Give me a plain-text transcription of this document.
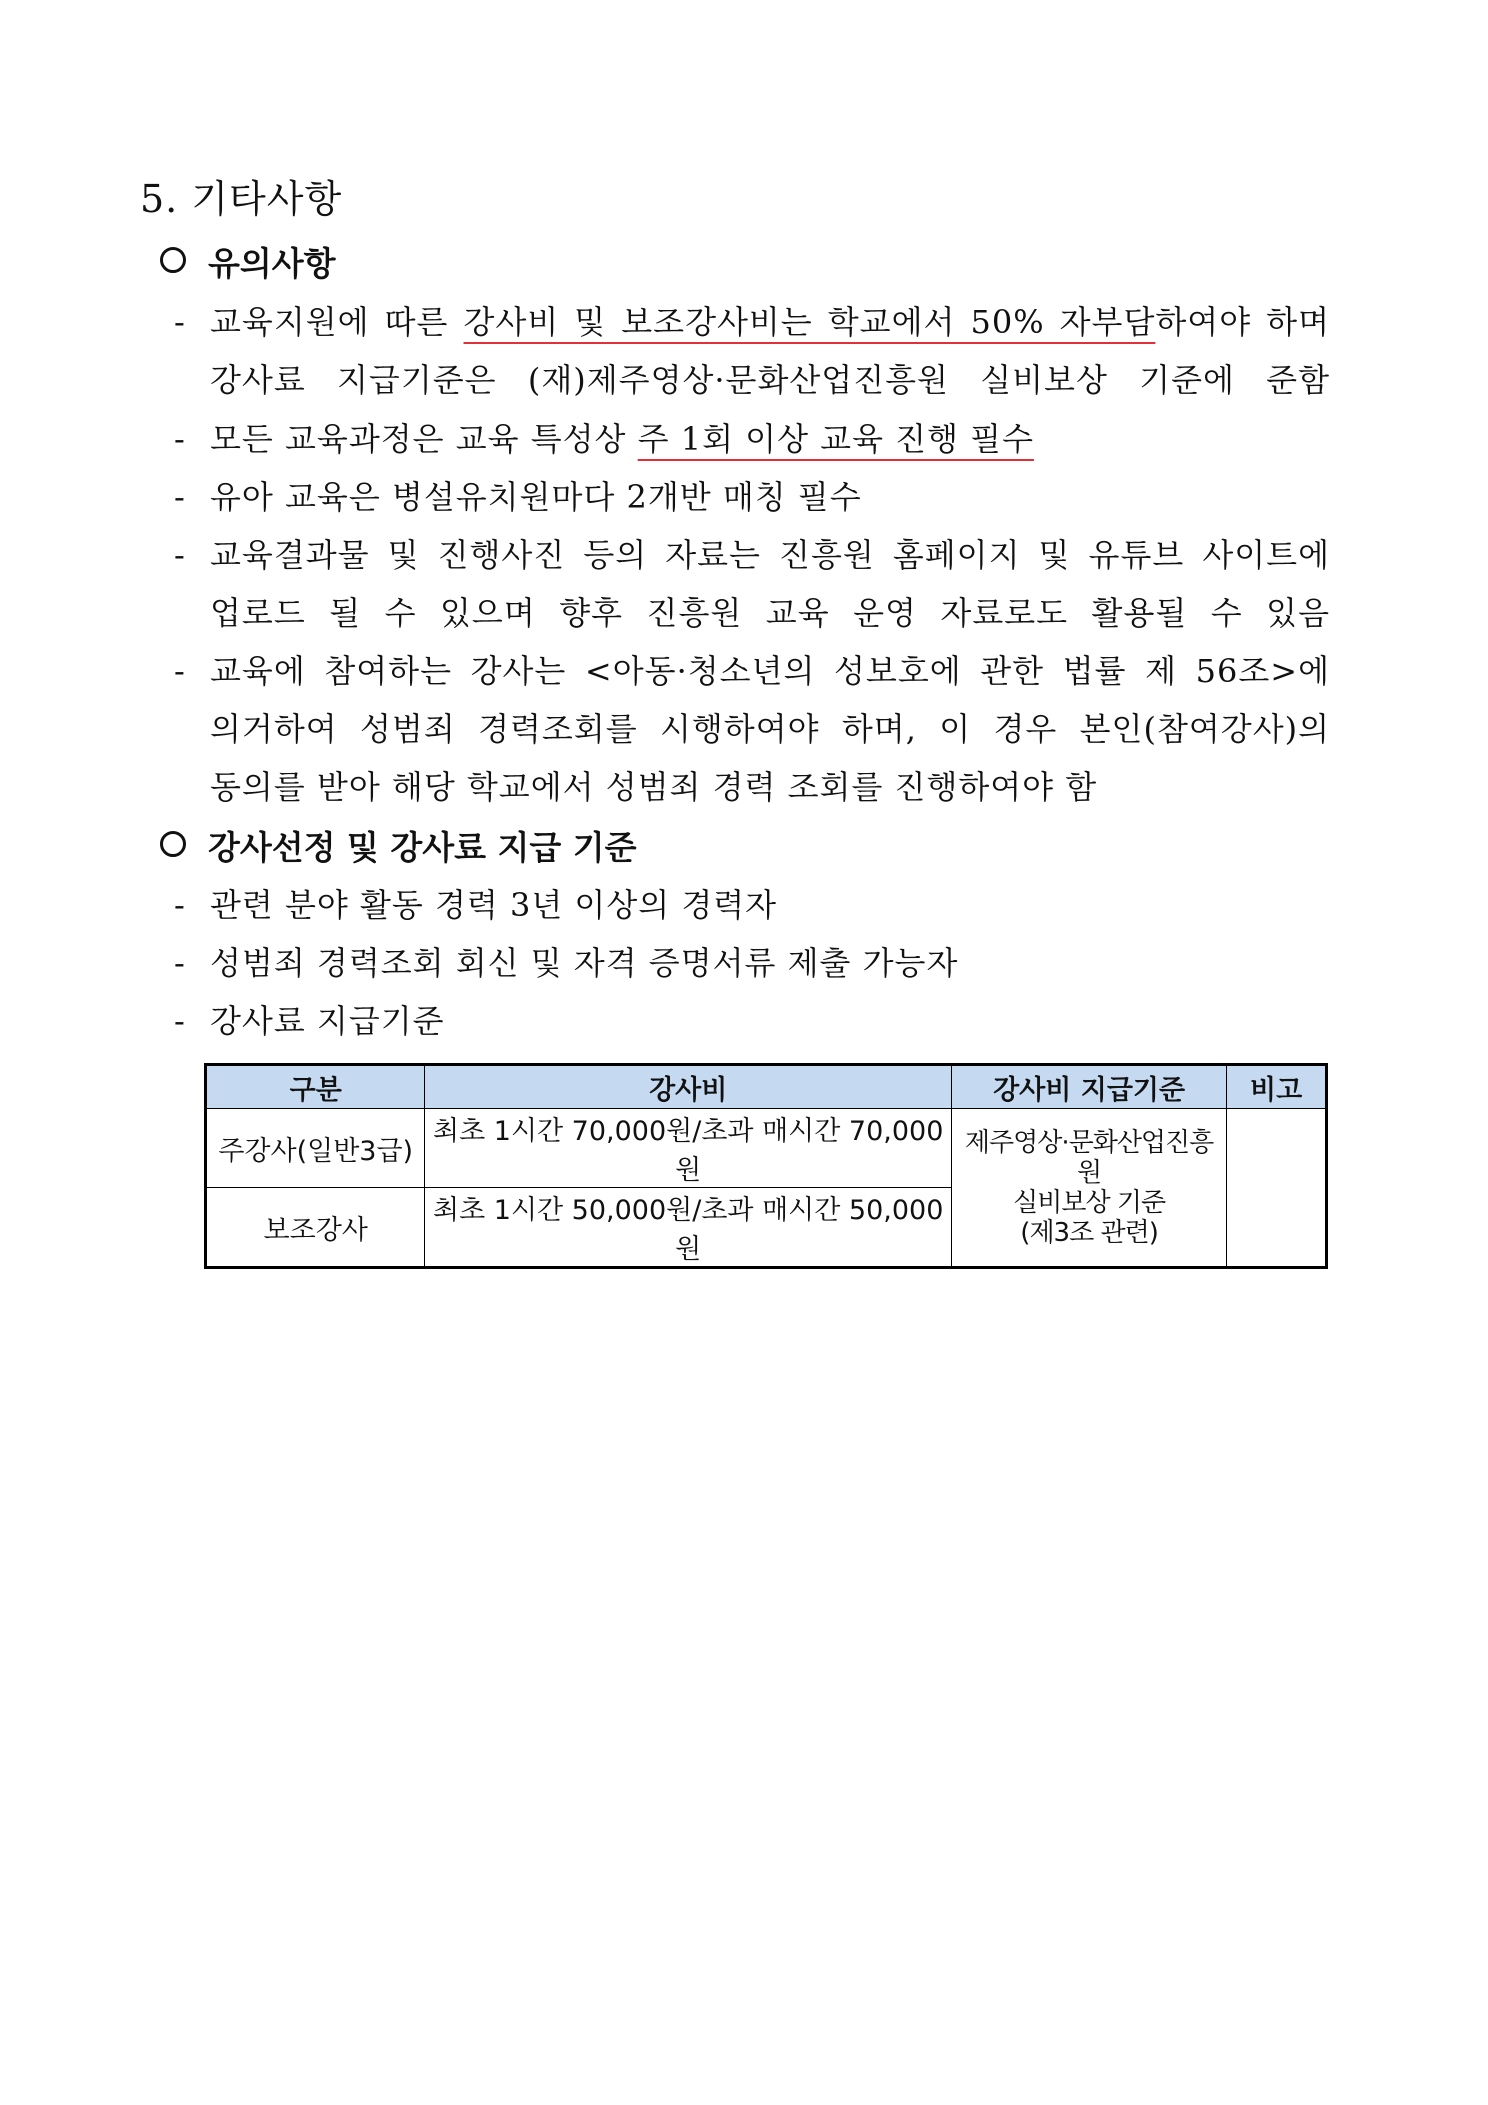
5. 기타사항
유의사항
- 교육지원에 따른 강사비 및 보조강사비는 학교에서 50% 자부담하여야 하며
강사료 지급기준은 (재)제주영상·문화산업진흥원 실비보상 기준에 준함
- 모든 교육과정은 교육 특성상 주 1회 이상 교육 진행 필수
- 유아 교육은 병설유치원마다 2개반 매칭 필수
- 교육결과물 및 진행사진 등의 자료는 진흥원 홈페이지 및 유튜브 사이트에
업로드 될 수 있으며 향후 진흥원 교육 운영 자료로도 활용될 수 있음
- 교육에 참여하는 강사는 <아동·청소년의 성보호에 관한 법률 제 56조>에
의거하여 성범죄 경력조회를 시행하여야 하며, 이 경우 본인(참여강사)의
동의를 받아 해당 학교에서 성범죄 경력 조회를 진행하여야 함
강사선정 및 강사료 지급 기준
- 관련 분야 활동 경력 3년 이상의 경력자
- 성범죄 경력조회 회신 및 자격 증명서류 제출 가능자
- 강사료 지급기준
구분	강사비	강사비 지급기준	비고
주강사(일반3급)	최초 1시간 70,000원/초과 매시간 70,000원	제주영상·문화산업진흥원
실비보상 기준
(제3조 관련)	

보조강사	최초 1시간 50,000원/초과 매시간 50,000원		
